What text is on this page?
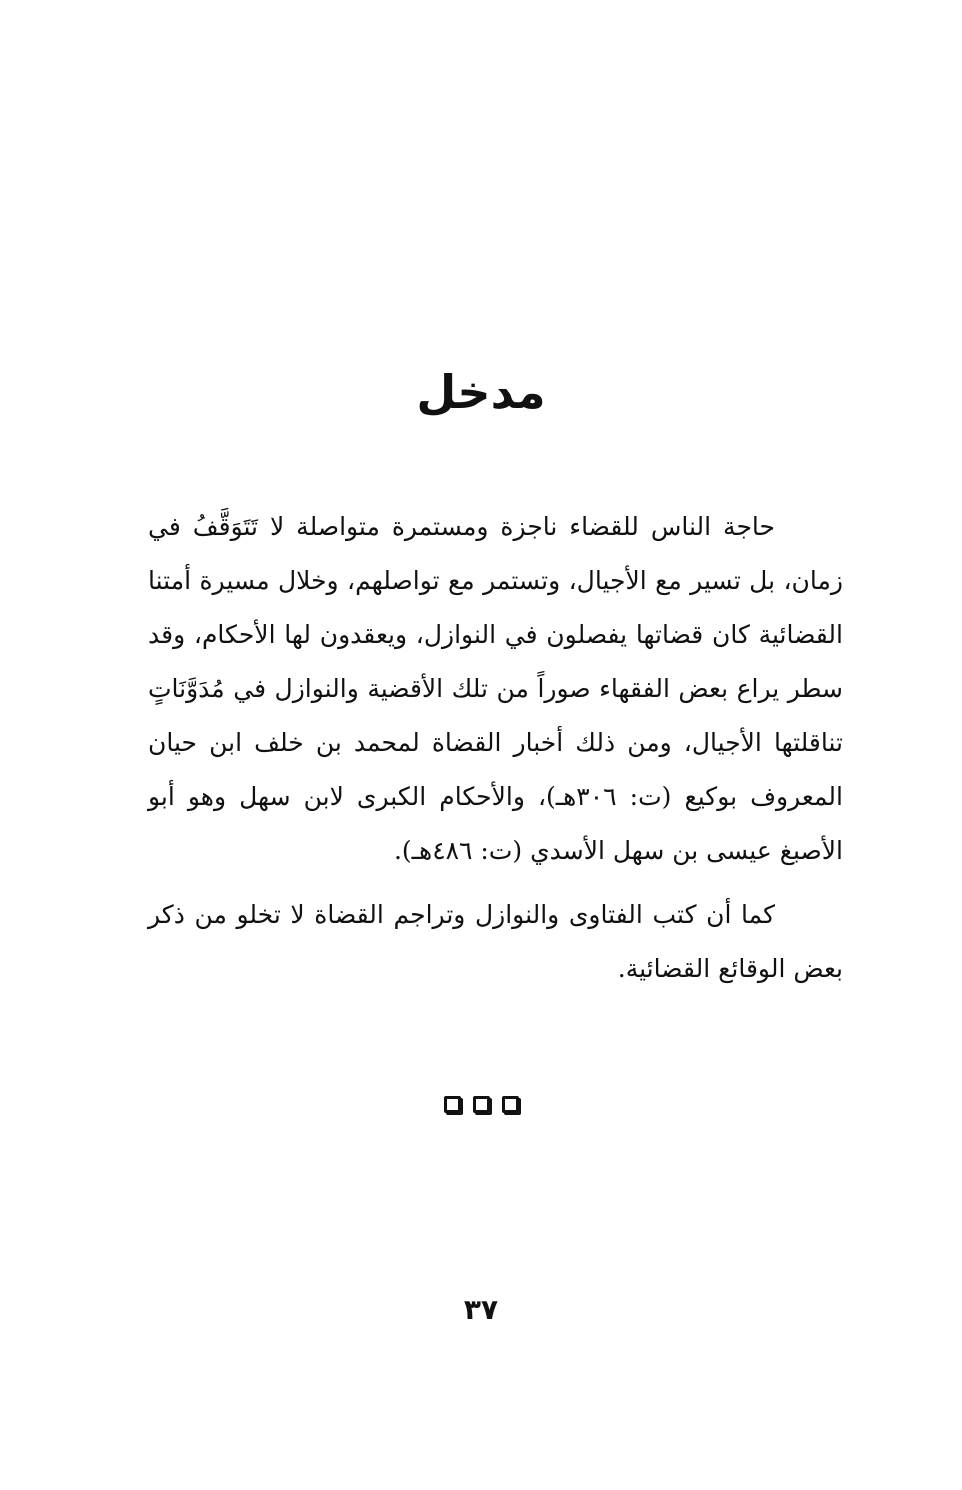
مدخل

حاجة الناس للقضاء ناجزة ومستمرة متواصلة لا تَتَوَقَّفُ في زمان، بل تسير مع الأجيال، وتستمر مع تواصلهم، وخلال مسيرة أمتنا القضائية كان قضاتها يفصلون في النوازل، ويعقدون لها الأحكام، وقد سطر يراع بعض الفقهاء صوراً من تلك الأقضية والنوازل في مُدَوَّنَاتٍ تناقلتها الأجيال، ومن ذلك أخبار القضاة لمحمد بن خلف ابن حيان المعروف بوكيع (ت: ٣٠٦هـ)، والأحكام الكبرى لابن سهل وهو أبو الأصبغ عيسى بن سهل الأسدي (ت: ٤٨٦هـ).

كما أن كتب الفتاوى والنوازل وتراجم القضاة لا تخلو من ذكر بعض الوقائع القضائية.

٣٧
